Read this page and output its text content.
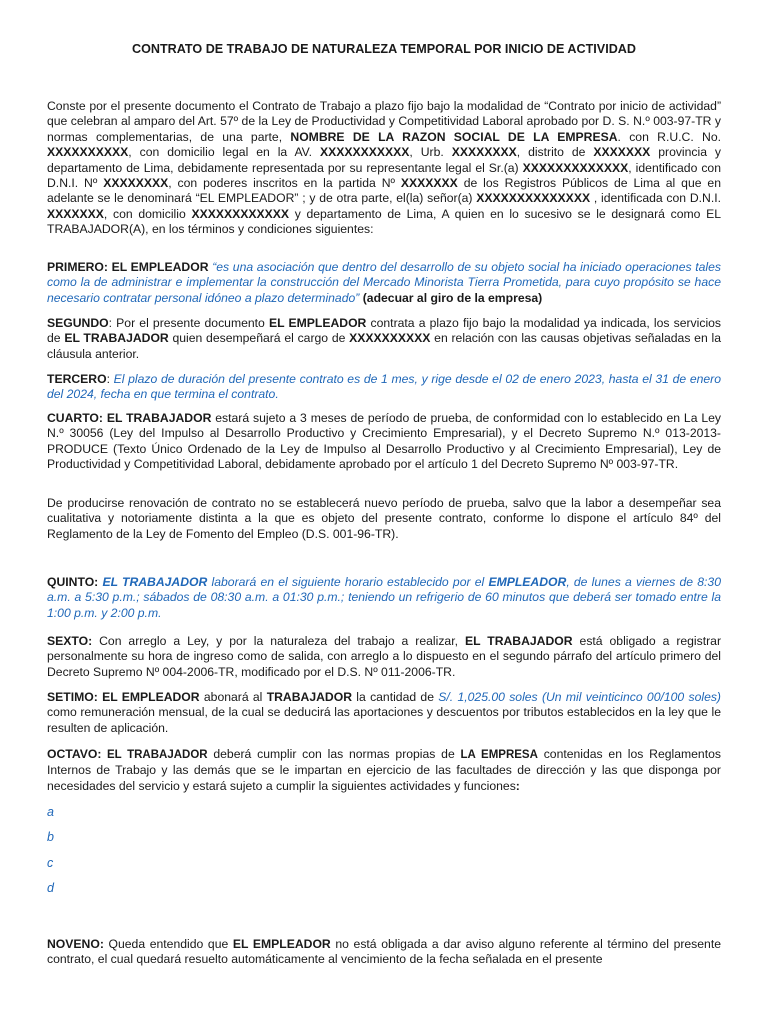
CONTRATO DE TRABAJO DE NATURALEZA TEMPORAL POR INICIO DE ACTIVIDAD

Conste por el presente documento el Contrato de Trabajo a plazo fijo bajo la modalidad de “Contrato por inicio de actividad” que celebran al amparo del Art. 57º de la Ley de Productividad y Competitividad Laboral aprobado por D. S. N.º 003-97-TR y normas complementarias, de una parte, NOMBRE DE LA RAZON SOCIAL DE LA EMPRESA. con R.U.C. No. XXXXXXXXXX, con domicilio legal en la AV. XXXXXXXXXXX, Urb. XXXXXXXX, distrito de XXXXXXX provincia y departamento de Lima, debidamente representada por su representante legal el Sr.(a) XXXXXXXXXXXXX, identificado con D.N.I. Nº XXXXXXXX, con poderes inscritos en la partida Nº XXXXXXX de los Registros Públicos de Lima al que en adelante se le denominará “EL EMPLEADOR” ; y de otra parte, el(la) señor(a) XXXXXXXXXXXXXX , identificada con D.N.I. XXXXXXX, con domicilio XXXXXXXXXXXX y departamento de Lima, A quien en lo sucesivo se le designará como EL TRABAJADOR(A), en los términos y condiciones siguientes:

PRIMERO: EL EMPLEADOR “es una asociación que dentro del desarrollo de su objeto social ha iniciado operaciones tales como la de administrar e implementar la construcción del Mercado Minorista Tierra Prometida, para cuyo propósito se hace necesario contratar personal idóneo a plazo determinado” (adecuar al giro de la empresa)

SEGUNDO: Por el presente documento EL EMPLEADOR contrata a plazo fijo bajo la modalidad ya indicada, los servicios de EL TRABAJADOR quien desempeñará el cargo de XXXXXXXXXX en relación con las causas objetivas señaladas en la cláusula anterior.

TERCERO: El plazo de duración del presente contrato es de 1 mes, y rige desde el 02 de enero 2023, hasta el 31 de enero del 2024, fecha en que termina el contrato.

CUARTO: EL TRABAJADOR estará sujeto a 3 meses de período de prueba, de conformidad con lo establecido en La Ley N.º 30056 (Ley del Impulso al Desarrollo Productivo y Crecimiento Empresarial), y el Decreto Supremo N.º 013-2013-PRODUCE (Texto Único Ordenado de la Ley de Impulso al Desarrollo Productivo y al Crecimiento Empresarial), Ley de Productividad y Competitividad Laboral, debidamente aprobado por el artículo 1 del Decreto Supremo Nº 003-97-TR.

De producirse renovación de contrato no se establecerá nuevo período de prueba, salvo que la labor a desempeñar sea cualitativa y notoriamente distinta a la que es objeto del presente contrato, conforme lo dispone el artículo 84º del Reglamento de la Ley de Fomento del Empleo (D.S. 001-96-TR).

QUINTO: EL TRABAJADOR laborará en el siguiente horario establecido por el EMPLEADOR, de lunes a viernes de 8:30 a.m. a 5:30 p.m.; sábados de 08:30 a.m. a 01:30 p.m.; teniendo un refrigerio de 60 minutos que deberá ser tomado entre la 1:00 p.m. y 2:00 p.m.

SEXTO: Con arreglo a Ley, y por la naturaleza del trabajo a realizar, EL TRABAJADOR está obligado a registrar personalmente su hora de ingreso como de salida, con arreglo a lo dispuesto en el segundo párrafo del artículo primero del Decreto Supremo Nº 004-2006-TR, modificado por el D.S. Nº 011-2006-TR.

SETIMO: EL EMPLEADOR abonará al TRABAJADOR la cantidad de S/. 1,025.00 soles (Un mil veinticinco 00/100 soles) como remuneración mensual, de la cual se deducirá las aportaciones y descuentos por tributos establecidos en la ley que le resulten de aplicación.

OCTAVO: EL TRABAJADOR deberá cumplir con las normas propias de LA EMPRESA contenidas en los Reglamentos Internos de Trabajo y las demás que se le impartan en ejercicio de las facultades de dirección y las que disponga por necesidades del servicio y estará sujeto a cumplir la siguientes actividades y funciones:

a

b

c

d

NOVENO: Queda entendido que EL EMPLEADOR no está obligada a dar aviso alguno referente al término del presente contrato, el cual quedará resuelto automáticamente al vencimiento de la fecha señalada en el presente
